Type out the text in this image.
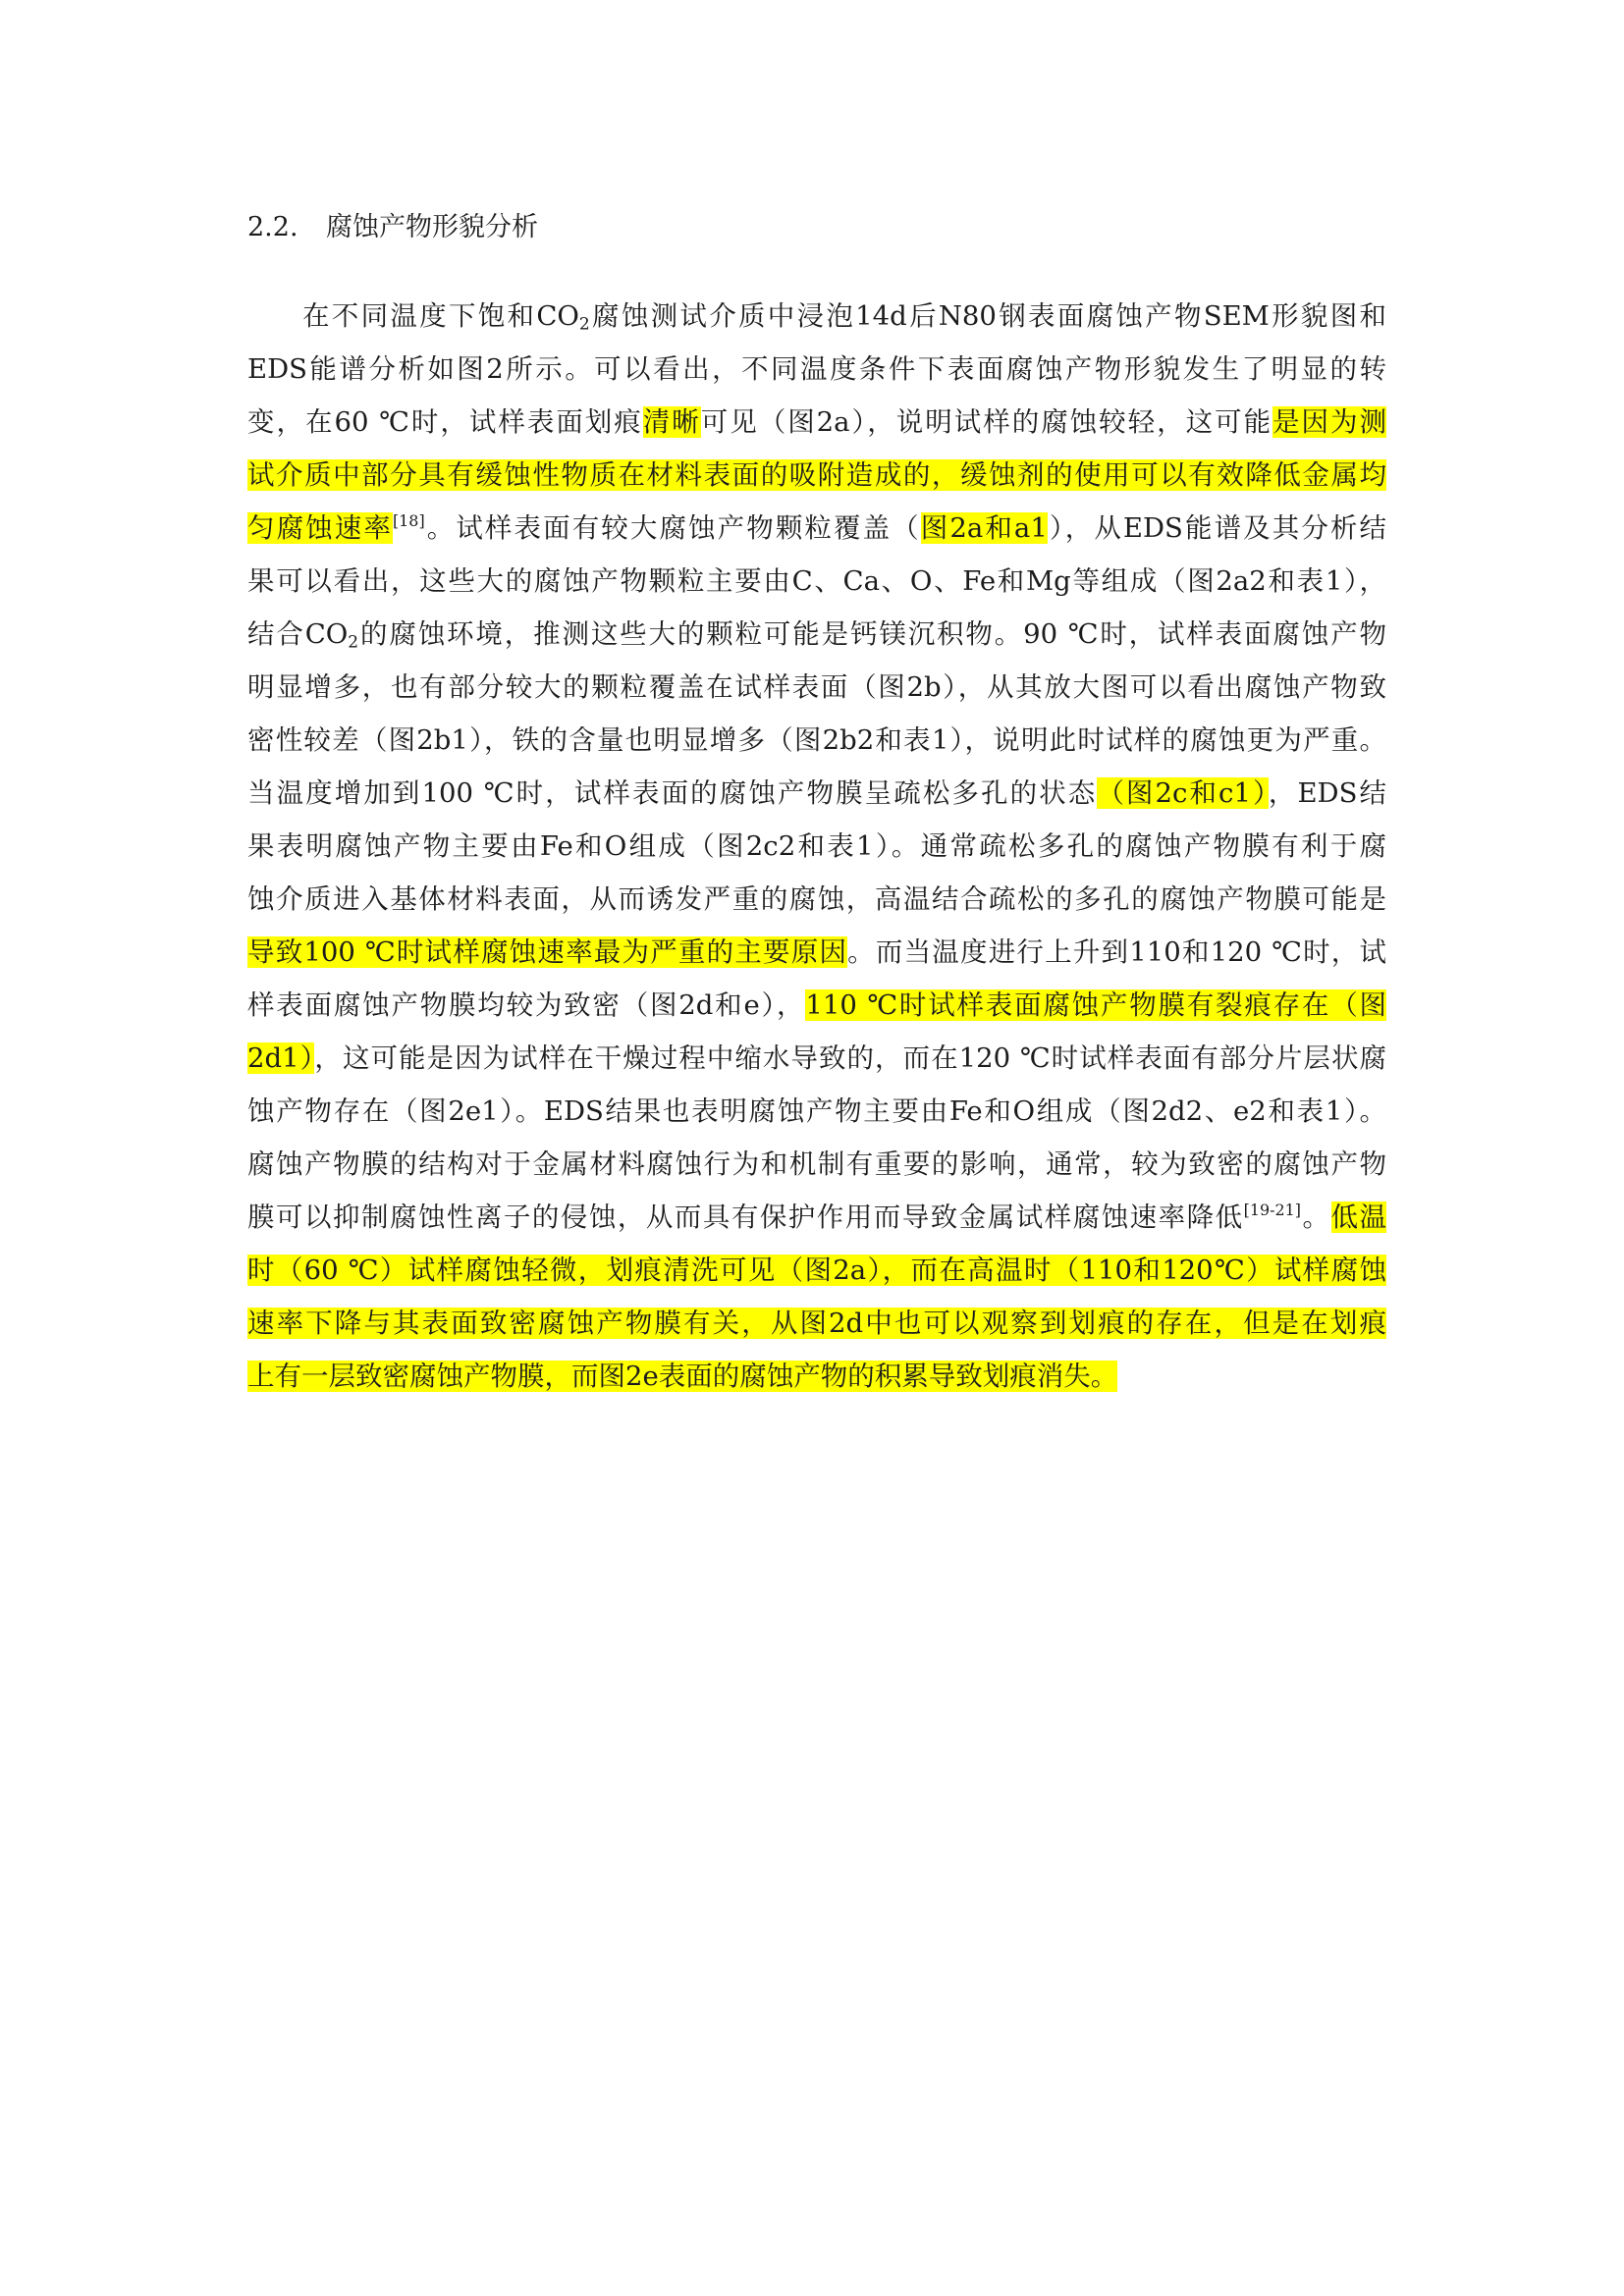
2.2. 腐蚀产物形貌分析
在不同温度下饱和$CO_2$腐蚀测试介质中浸泡14d后N80钢表面腐蚀产物SEM形貌图和
EDS能谱分析如图2所示。可以看出，不同温度条件下表面腐蚀产物形貌发生了明显的转
变，在60 ℃时，试样表面划痕清晰可见（图2a），说明试样的腐蚀较轻，这可能是因为测
试介质中部分具有缓蚀性物质在材料表面的吸附造成的，缓蚀剂的使用可以有效降低金属均
匀腐蚀速率[18]。试样表面有较大腐蚀产物颗粒覆盖（图2a和a1），从EDS能谱及其分析结
果可以看出，这些大的腐蚀产物颗粒主要由C、Ca、O、Fe和Mg等组成（图2a2和表1），
结合$CO_2$的腐蚀环境，推测这些大的颗粒可能是钙镁沉积物。90 ℃时，试样表面腐蚀产物
明显增多，也有部分较大的颗粒覆盖在试样表面（图2b），从其放大图可以看出腐蚀产物致
密性较差（图2b1），铁的含量也明显增多（图2b2和表1），说明此时试样的腐蚀更为严重。
当温度增加到100 ℃时，试样表面的腐蚀产物膜呈疏松多孔的状态（图2c和c1），EDS结
果表明腐蚀产物主要由Fe和O组成（图2c2和表1）。通常疏松多孔的腐蚀产物膜有利于腐
蚀介质进入基体材料表面，从而诱发严重的腐蚀，高温结合疏松的多孔的腐蚀产物膜可能是
导致100 ℃时试样腐蚀速率最为严重的主要原因。而当温度进行上升到110和120 ℃时，试
样表面腐蚀产物膜均较为致密（图2d和e），110 ℃时试样表面腐蚀产物膜有裂痕存在（图
2d1），这可能是因为试样在干燥过程中缩水导致的，而在120 ℃时试样表面有部分片层状腐
蚀产物存在（图2e1）。EDS结果也表明腐蚀产物主要由Fe和O组成（图2d2、e2和表1）。
腐蚀产物膜的结构对于金属材料腐蚀行为和机制有重要的影响，通常，较为致密的腐蚀产物
膜可以抑制腐蚀性离子的侵蚀，从而具有保护作用而导致金属试样腐蚀速率降低[19-21]。低温
时（60 ℃）试样腐蚀轻微，划痕清洗可见（图2a），而在高温时（110和120℃）试样腐蚀
速率下降与其表面致密腐蚀产物膜有关，从图2d中也可以观察到划痕的存在，但是在划痕
上有一层致密腐蚀产物膜，而图2e表面的腐蚀产物的积累导致划痕消失。
